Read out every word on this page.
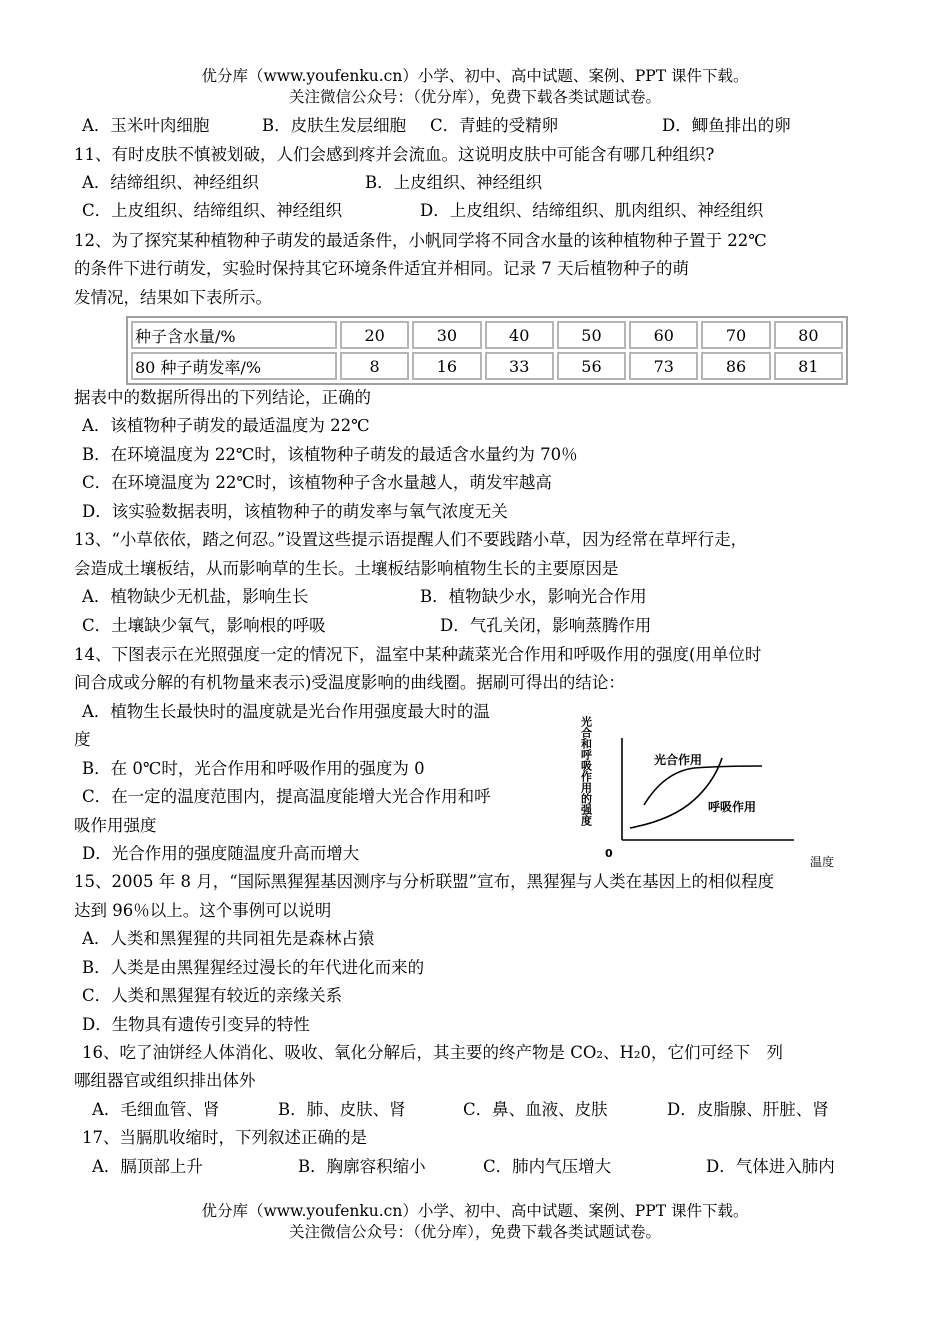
优分库（www.youfenku.cn）小学、初中、高中试题、案例、PPT 课件下载。
关注微信公众号：（优分库），免费下载各类试题试卷。
A．玉米叶肉细胞	B．皮肤生发层细胞 C．青蛙的受精卵	D．鲫鱼排出的卵
11、有时皮肤不慎被划破，人们会感到疼并会流血。这说明皮肤中可能含有哪几种组织?
A．结缔组织、神经组织	B．上皮组织、神经组织
C．上皮组织、结缔组织、神经组织	D．上皮组织、结缔组织、肌肉组织、神经组织
12、为了探究某种植物种子萌发的最适条件，小帆同学将不同含水量的该种植物种子置于 22℃
的条件下进行萌发，实验时保持其它环境条件适宜并相同。记录 7 天后植物种子的萌
发情况，结果如下表所示。
种子含水量/%	20	30	40	50	60	70	80
80 种子萌发率/%	8	16	33	56	73	86	81
据表中的数据所得出的下列结论，正确的
A．该植物种子萌发的最适温度为 22℃
B．在环境温度为 22℃时，该植物种子萌发的最适含水量约为 70％
C．在环境温度为 22℃时，该植物种子含水量越人，萌发牢越高
D．该实验数据表明，该植物种子的萌发率与氧气浓度无关
13、“小草依依，踏之何忍。”设置这些提示语提醒人们不要践踏小草，因为经常在草坪行走，
会造成土壤板结，从而影响草的生长。土壤板结影响植物生长的主要原因是
A．植物缺少无机盐，影响生长	B．植物缺少水，影响光合作用
C．土壤缺少氧气，影响根的呼吸	D．气孔关闭，影响蒸腾作用
14、下图表示在光照强度一定的情况下，温室中某种蔬菜光合作用和呼吸作用的强度(用单位时
间合成或分解的有机物量来表示)受温度影响的曲线圈。据刷可得出的结论：
A．植物生长最快时的温度就是光台作用强度最大时的温
度
B．在 0℃时，光合作用和呼吸作用的强度为 0
C．在一定的温度范围内，提高温度能增大光合作用和呼
吸作用强度
D．光合作用的强度随温度升高而增大
光合和呼吸作用的强度	光合作用
呼吸作用
0
温度
15、2005 年 8 月，“国际黑猩猩基因测序与分析联盟”宣布，黑猩猩与人类在基因上的相似程度
达到 96％以上。这个事例可以说明
A．人类和黑猩猩的共同祖先是森林占猿
B．人类是由黑猩猩经过漫长的年代进化而来的
C．人类和黑猩猩有较近的亲缘关系
D．生物具有遗传引变异的特性
16、吃了油饼经人体消化、吸收、氧化分解后，其主要的终产物是 CO₂、H₂0，它们可经下　列
哪组器官或组织排出体外
A．毛细血管、肾	B．肺、皮肤、肾	C．鼻、血液、皮肤	D．皮脂腺、肝脏、肾
17、当膈肌收缩时，下列叙述正确的是
A．膈顶部上升	B．胸廓容积缩小	C．肺内气压增大	D．气体进入肺内
优分库（www.youfenku.cn）小学、初中、高中试题、案例、PPT 课件下载。
关注微信公众号：（优分库），免费下载各类试题试卷。
